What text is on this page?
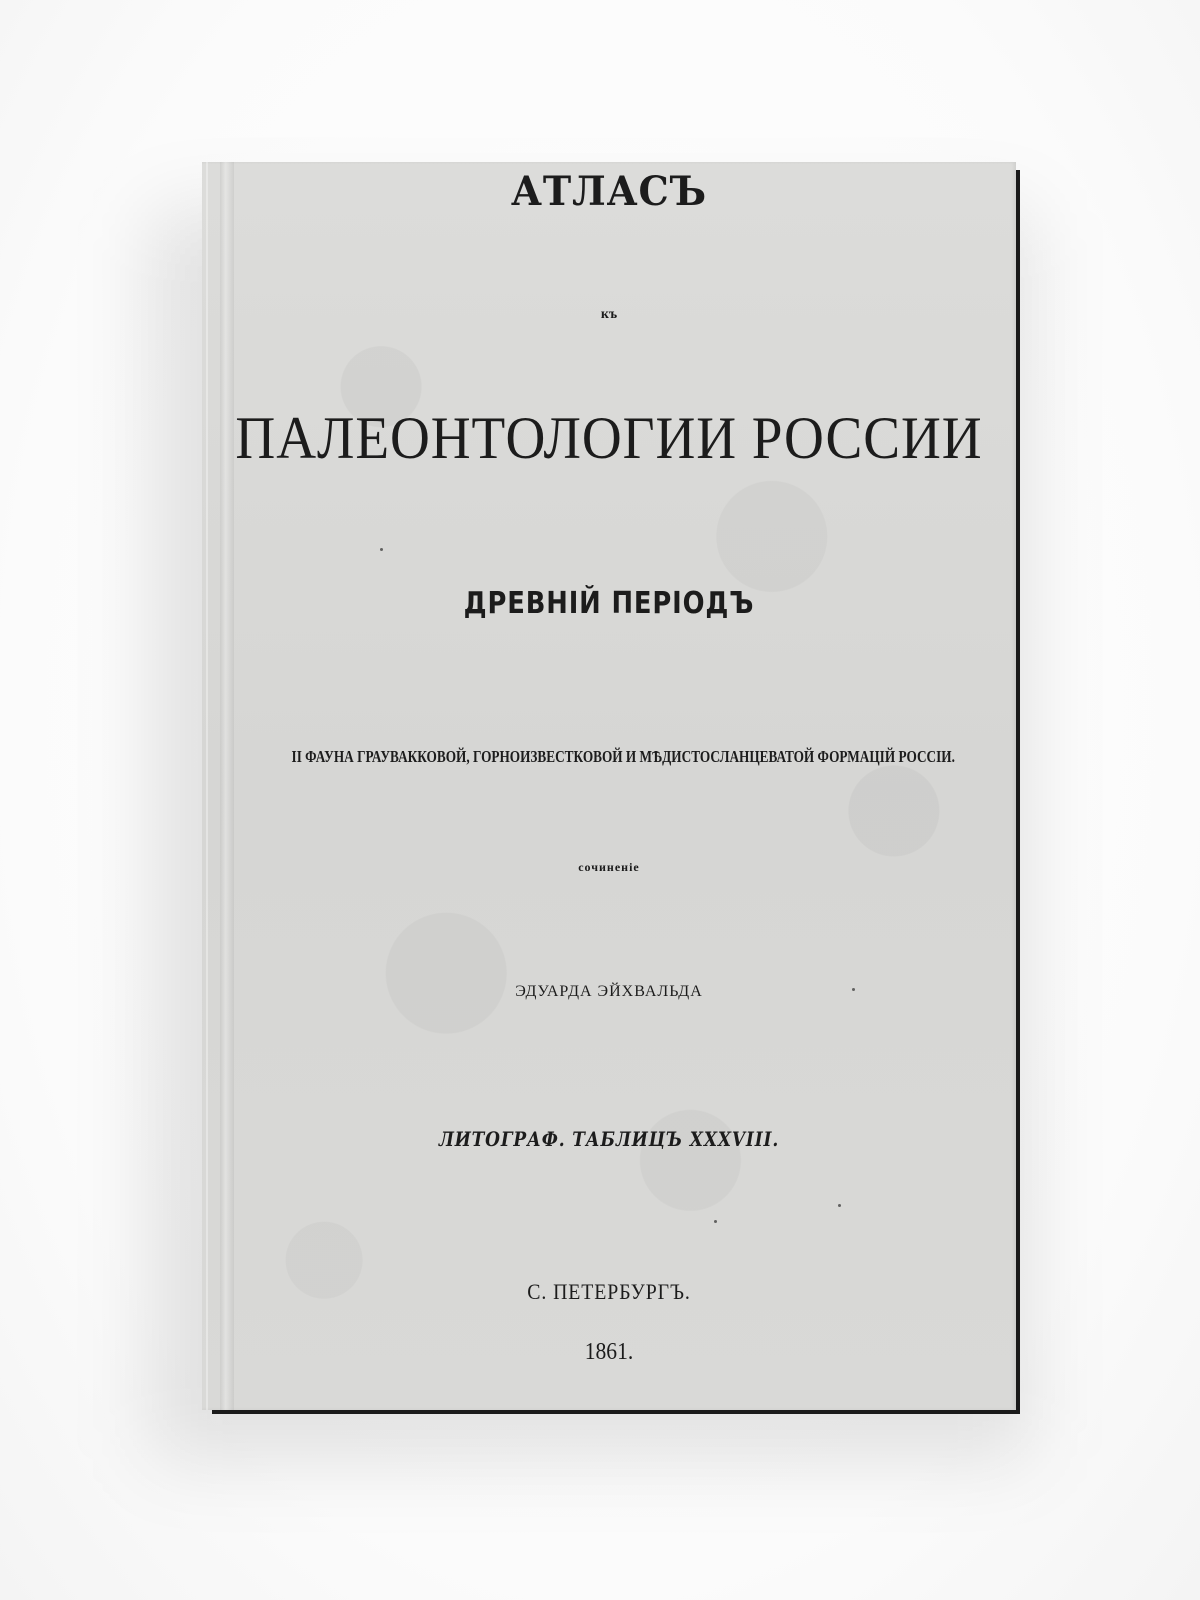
АТЛАСЪ
къ
ПАЛЕОНТОЛОГИИ РОССИИ
ДРЕВНІЙ ПЕРІОДЪ
II ФАУНА ГРАУВАККОВОЙ, ГОРНОИЗВЕСТКОВОЙ И МѢДИСТОСЛАНЦЕВАТОЙ ФОРМАЦІЙ РОССІИ.
сочиненіе
ЭДУАРДА ЭЙХВАЛЬДА
ЛИТОГРАФ. ТАБЛИЦЪ XXXVIII.
С. ПЕТЕРБУРГЪ.
1861.
